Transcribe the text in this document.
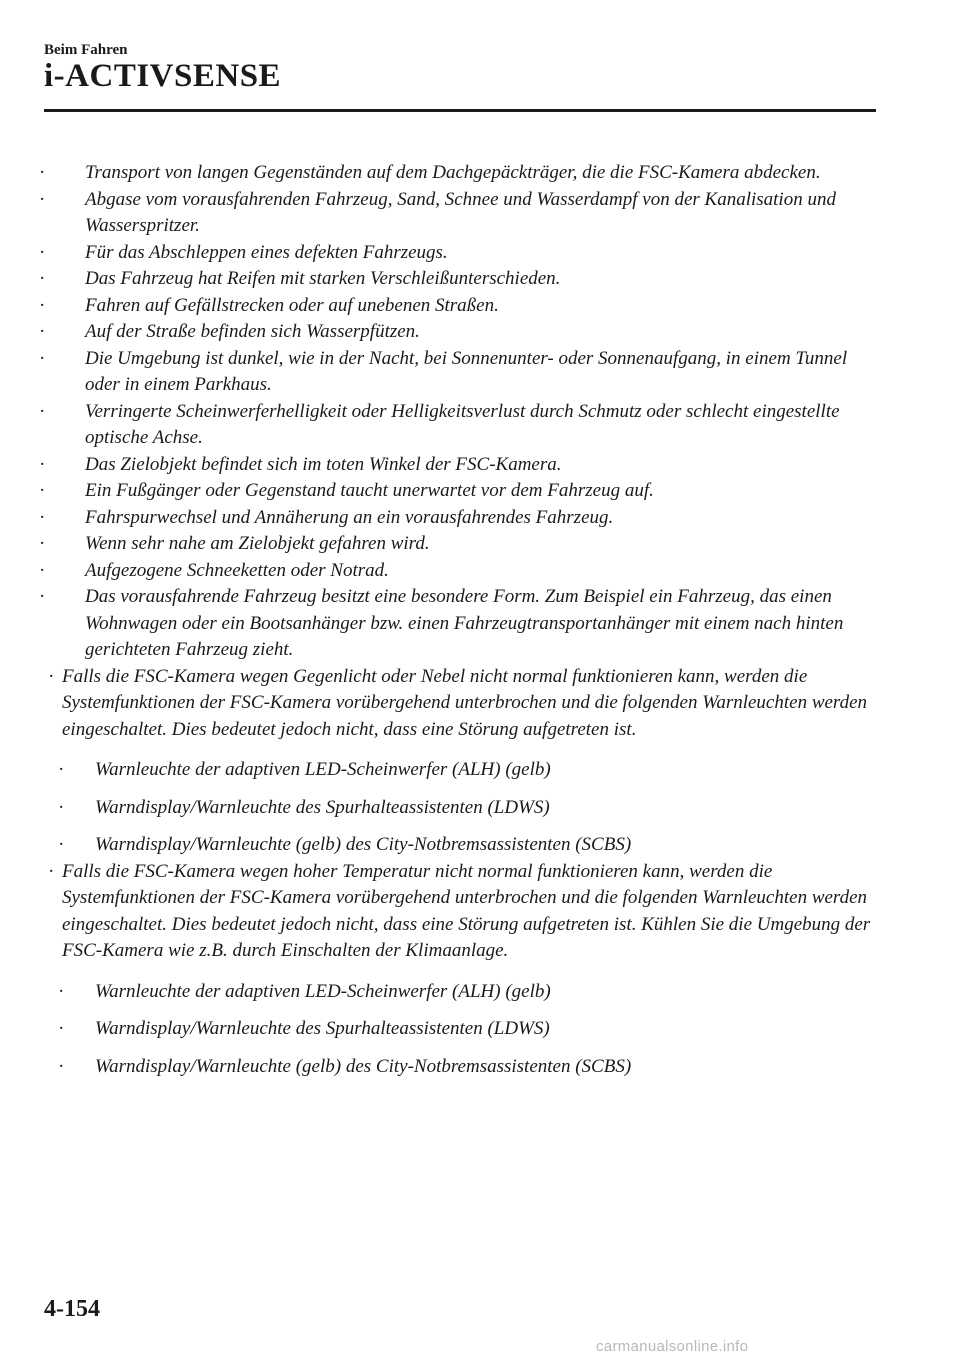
Beim Fahren

i-ACTIVSENSE
· Transport von langen Gegenständen auf dem Dachgepäckträger, die die FSC-Kamera abdecken.
· Abgase vom vorausfahrenden Fahrzeug, Sand, Schnee und Wasserdampf von der Kanalisation und Wasserspritzer.
· Für das Abschleppen eines defekten Fahrzeugs.
· Das Fahrzeug hat Reifen mit starken Verschleißunterschieden.
· Fahren auf Gefällstrecken oder auf unebenen Straßen.
· Auf der Straße befinden sich Wasserpfützen.
· Die Umgebung ist dunkel, wie in der Nacht, bei Sonnenunter- oder Sonnenaufgang, in einem Tunnel oder in einem Parkhaus.
· Verringerte Scheinwerferhelligkeit oder Helligkeitsverlust durch Schmutz oder schlecht eingestellte optische Achse.
· Das Zielobjekt befindet sich im toten Winkel der FSC-Kamera.
· Ein Fußgänger oder Gegenstand taucht unerwartet vor dem Fahrzeug auf.
· Fahrspurwechsel und Annäherung an ein vorausfahrendes Fahrzeug.
· Wenn sehr nahe am Zielobjekt gefahren wird.
· Aufgezogene Schneeketten oder Notrad.
· Das vorausfahrende Fahrzeug besitzt eine besondere Form. Zum Beispiel ein Fahrzeug, das einen Wohnwagen oder ein Bootsanhänger bzw. einen Fahrzeugtransportanhänger mit einem nach hinten gerichteten Fahrzeug zieht.
· Falls die FSC-Kamera wegen Gegenlicht oder Nebel nicht normal funktionieren kann, werden die Systemfunktionen der FSC-Kamera vorübergehend unterbrochen und die folgenden Warnleuchten werden eingeschaltet. Dies bedeutet jedoch nicht, dass eine Störung aufgetreten ist.
· Warnleuchte der adaptiven LED-Scheinwerfer (ALH) (gelb)
· Warndisplay/Warnleuchte des Spurhalteassistenten (LDWS)
· Warndisplay/Warnleuchte (gelb) des City-Notbremsassistenten (SCBS)
· Falls die FSC-Kamera wegen hoher Temperatur nicht normal funktionieren kann, werden die Systemfunktionen der FSC-Kamera vorübergehend unterbrochen und die folgenden Warnleuchten werden eingeschaltet. Dies bedeutet jedoch nicht, dass eine Störung aufgetreten ist. Kühlen Sie die Umgebung der FSC-Kamera wie z.B. durch Einschalten der Klimaanlage.
· Warnleuchte der adaptiven LED-Scheinwerfer (ALH) (gelb)
· Warndisplay/Warnleuchte des Spurhalteassistenten (LDWS)
· Warndisplay/Warnleuchte (gelb) des City-Notbremsassistenten (SCBS)

4-154

carmanualsonline.info
